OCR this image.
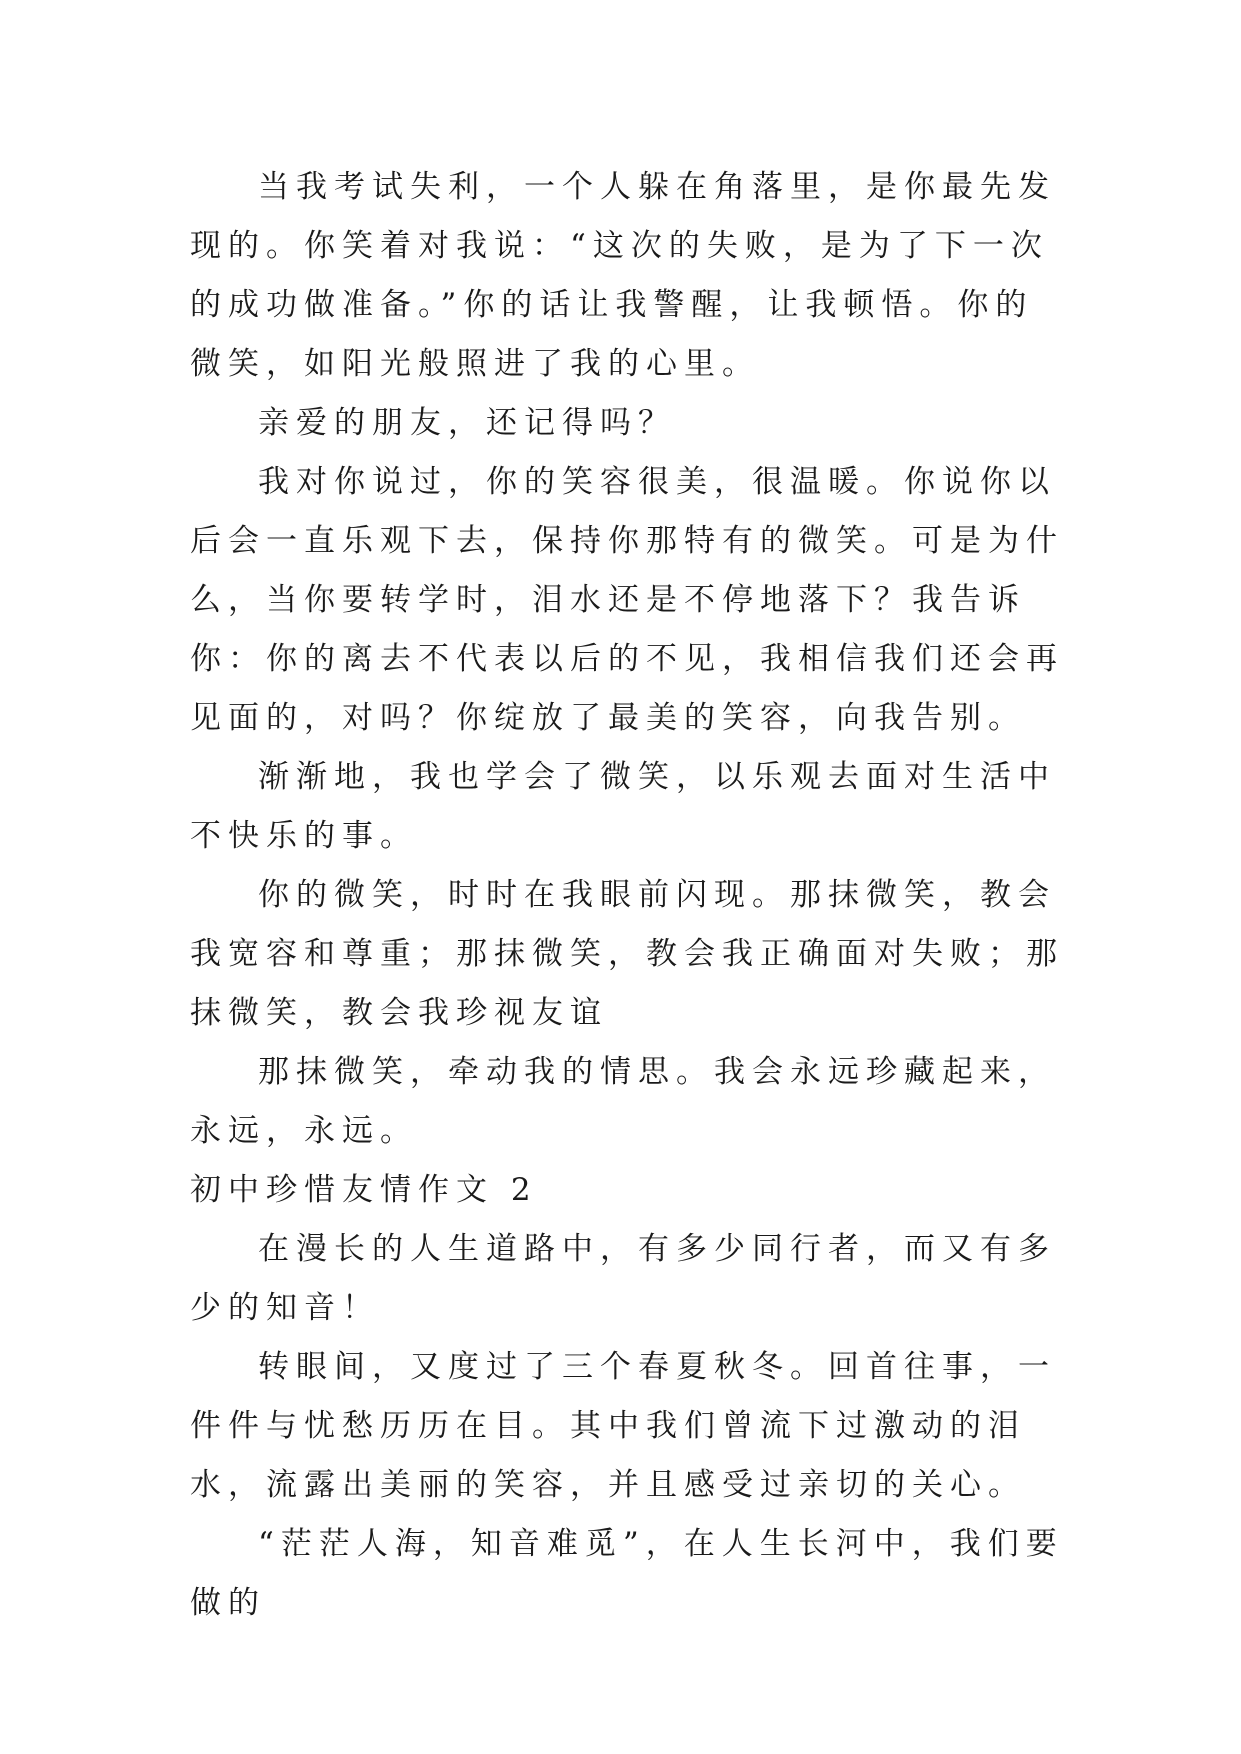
当我考试失利，一个人躲在角落里，是你最先发现的。你笑着对我说：“这次的失败，是为了下一次的成功做准备。”你的话让我警醒，让我顿悟。你的微笑，如阳光般照进了我的心里。

亲爱的朋友，还记得吗？

我对你说过，你的笑容很美，很温暖。你说你以后会一直乐观下去，保持你那特有的微笑。可是为什么，当你要转学时，泪水还是不停地落下？我告诉你：你的离去不代表以后的不见，我相信我们还会再见面的，对吗？你绽放了最美的笑容，向我告别。

渐渐地，我也学会了微笑，以乐观去面对生活中不快乐的事。

你的微笑，时时在我眼前闪现。那抹微笑，教会我宽容和尊重；那抹微笑，教会我正确面对失败；那抹微笑，教会我珍视友谊

那抹微笑，牵动我的情思。我会永远珍藏起来，永远，永远。

初中珍惜友情作文 2

在漫长的人生道路中，有多少同行者，而又有多少的知音！

转眼间，又度过了三个春夏秋冬。回首往事，一件件与忧愁历历在目。其中我们曾流下过激动的泪水，流露出美丽的笑容，并且感受过亲切的关心。

“茫茫人海，知音难觅”，在人生长河中，我们要做的
